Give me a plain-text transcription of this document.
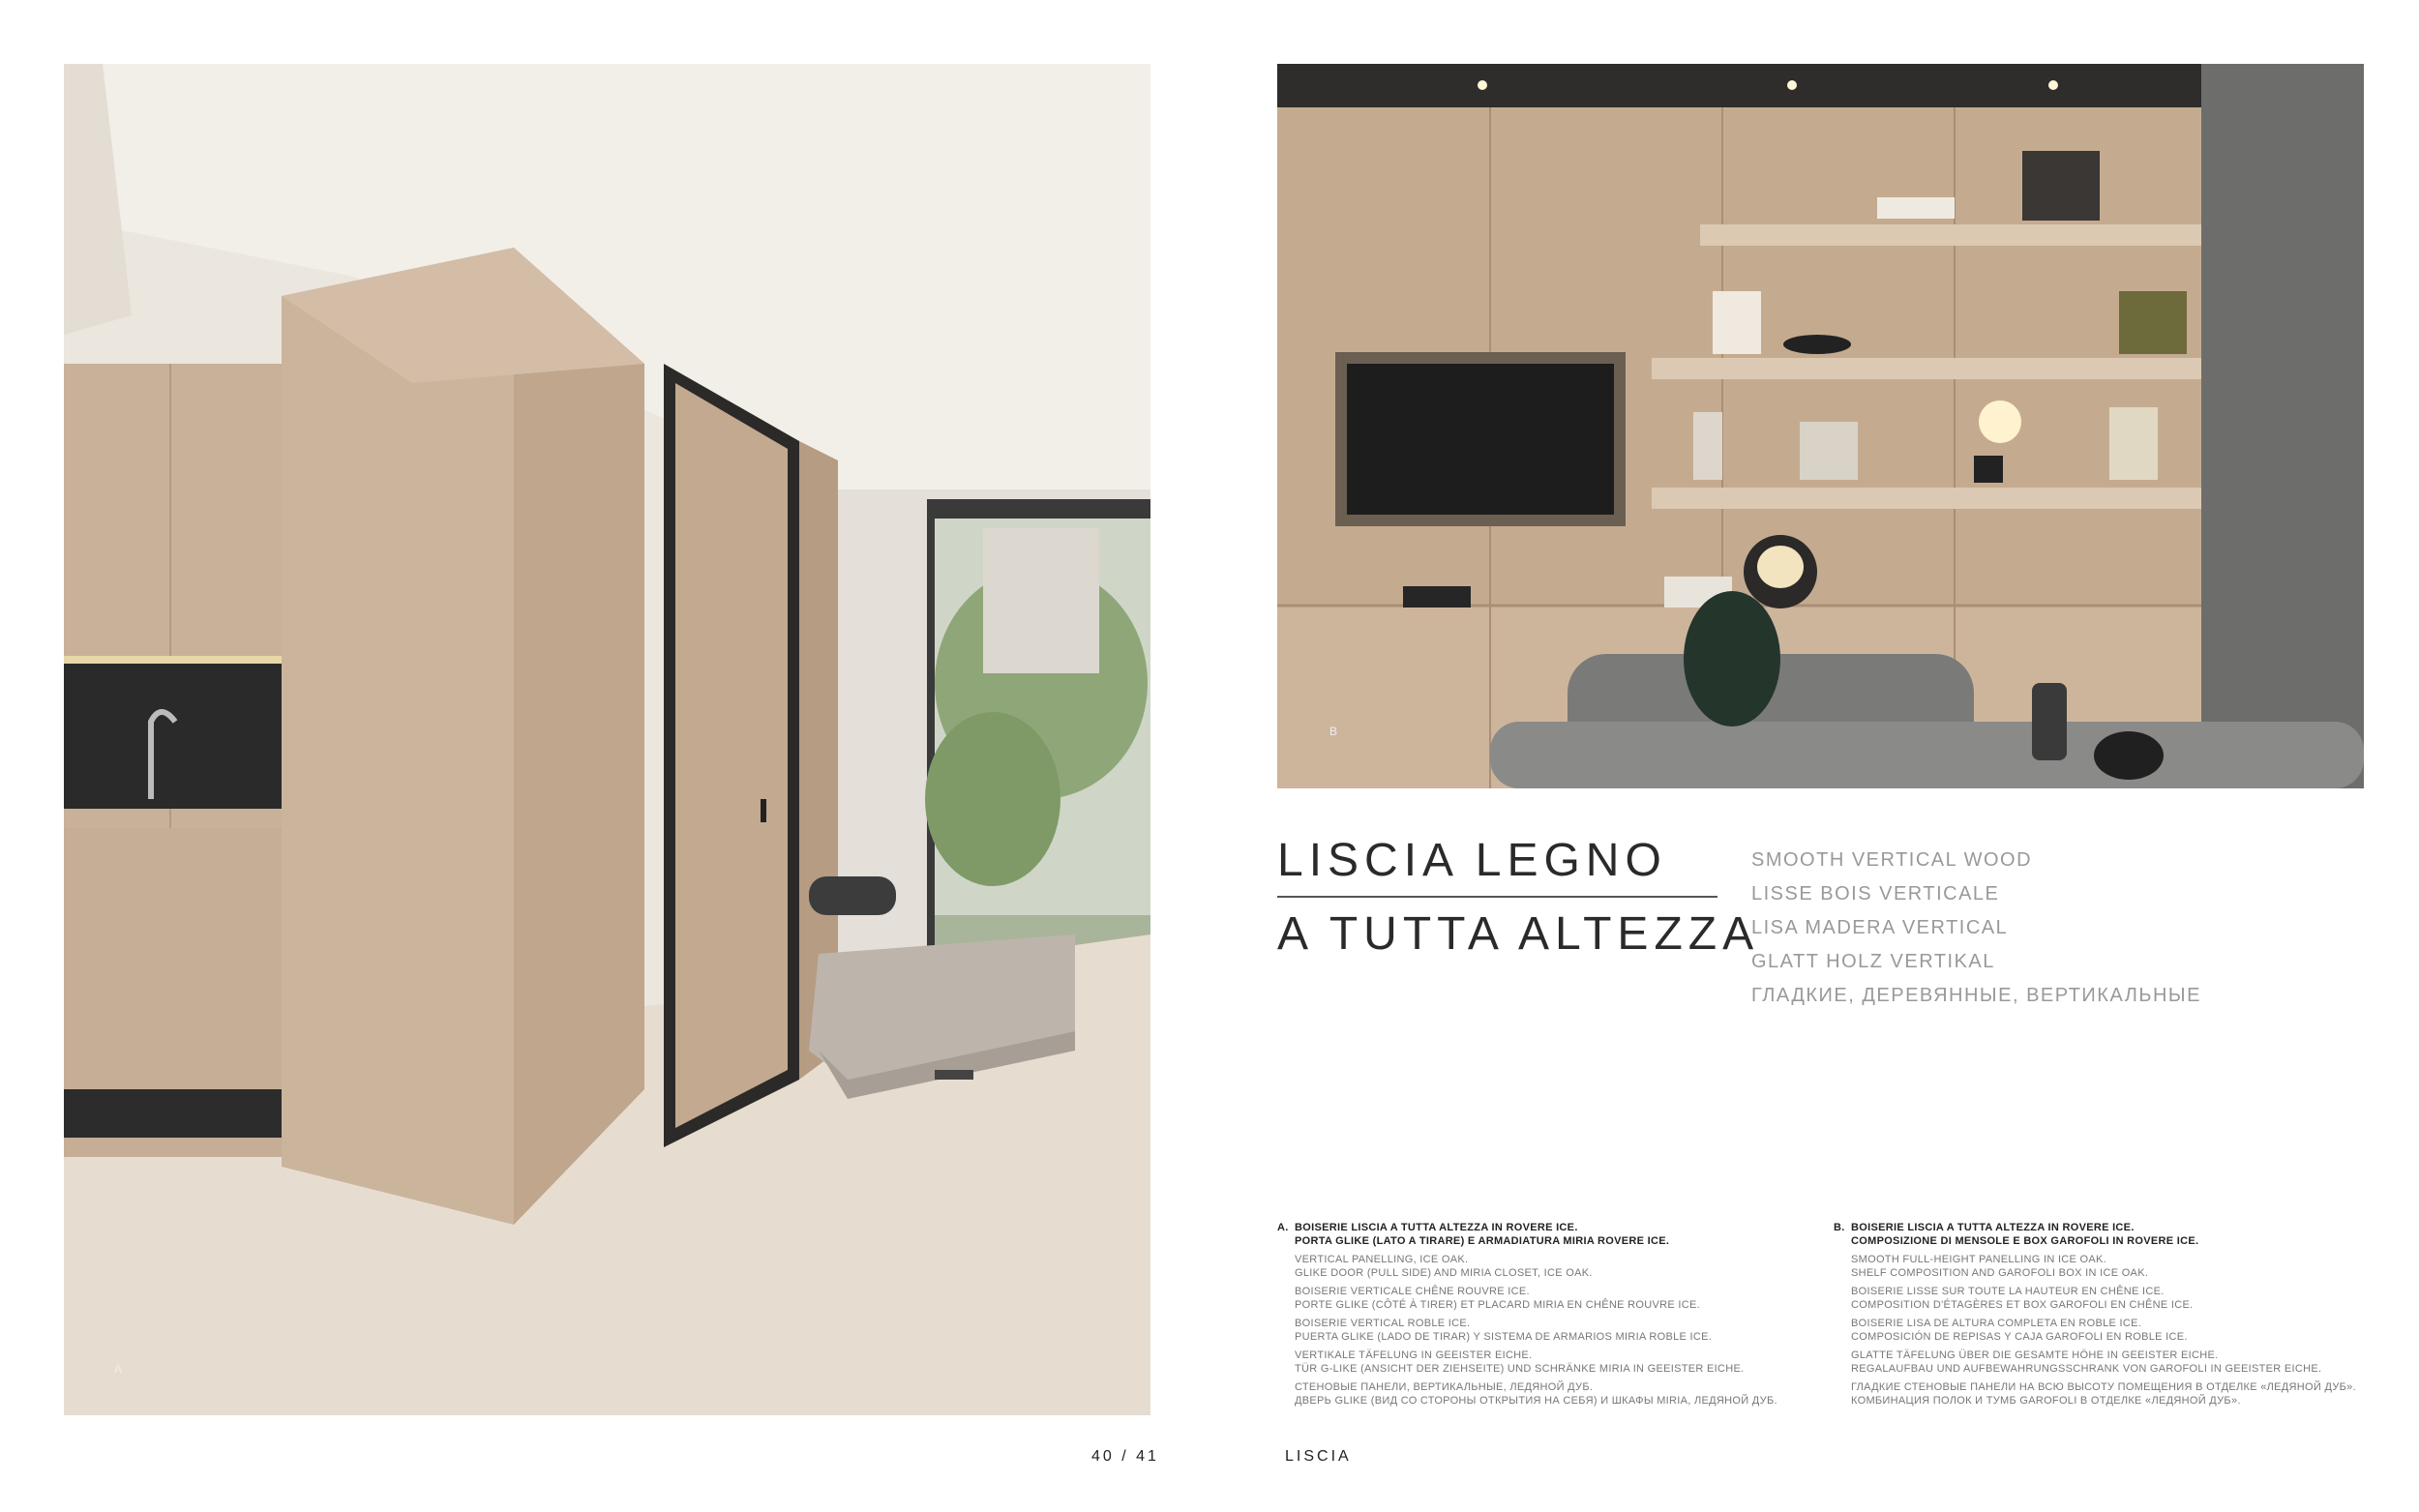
A
B
LISCIA LEGNO
A TUTTA ALTEZZA
SMOOTH VERTICAL WOOD
LISSE BOIS VERTICALE
LISA MADERA VERTICAL
GLATT HOLZ VERTIKAL
ГЛАДКИЕ, ДЕРЕВЯННЫЕ, ВЕРТИКАЛЬНЫЕ
A. BOISERIE LISCIA A TUTTA ALTEZZA IN ROVERE ICE.
PORTA GLIKE (LATO A TIRARE) E ARMADIATURA MIRIA ROVERE ICE.
VERTICAL PANELLING, ICE OAK.
GLIKE DOOR (PULL SIDE) AND MIRIA CLOSET, ICE OAK.
BOISERIE VERTICALE CHÊNE ROUVRE ICE.
PORTE GLIKE (CÔTÉ À TIRER) ET PLACARD MIRIA EN CHÊNE ROUVRE ICE.
BOISERIE VERTICAL ROBLE ICE.
PUERTA GLIKE (LADO DE TIRAR) Y SISTEMA DE ARMARIOS MIRIA ROBLE ICE.
VERTIKALE TÄFELUNG IN GEEISTER EICHE.
TÜR G-LIKE (ANSICHT DER ZIEHSEITE) UND SCHRÄNKE MIRIA IN GEEISTER EICHE.
СТЕНОВЫЕ ПАНЕЛИ, ВЕРТИКАЛЬНЫЕ, ЛЕДЯНОЙ ДУБ.
ДВЕРЬ GLIKE (ВИД СО СТОРОНЫ ОТКРЫТИЯ НА СЕБЯ) И ШКАФЫ MIRIA, ЛЕДЯНОЙ ДУБ.
B. BOISERIE LISCIA A TUTTA ALTEZZA IN ROVERE ICE.
COMPOSIZIONE DI MENSOLE E BOX GAROFOLI IN ROVERE ICE.
SMOOTH FULL-HEIGHT PANELLING IN ICE OAK.
SHELF COMPOSITION AND GAROFOLI BOX IN ICE OAK.
BOISERIE LISSE SUR TOUTE LA HAUTEUR EN CHÊNE ICE.
COMPOSITION D'ÉTAGÈRES ET BOX GAROFOLI EN CHÊNE ICE.
BOISERIE LISA DE ALTURA COMPLETA EN ROBLE ICE.
COMPOSICIÓN DE REPISAS Y CAJA GAROFOLI EN ROBLE ICE.
GLATTE TÄFELUNG ÜBER DIE GESAMTE HÖHE IN GEEISTER EICHE.
REGALAUFBAU UND AUFBEWAHRUNGSSCHRANK VON GAROFOLI IN GEEISTER EICHE.
ГЛАДКИЕ СТЕНОВЫЕ ПАНЕЛИ НА ВСЮ ВЫСОТУ ПОМЕЩЕНИЯ В ОТДЕЛКЕ «ЛЕДЯНОЙ ДУБ».
КОМБИНАЦИЯ ПОЛОК И ТУМБ GAROFOLI В ОТДЕЛКЕ «ЛЕДЯНОЙ ДУБ».
40 / 41	LISCIA
